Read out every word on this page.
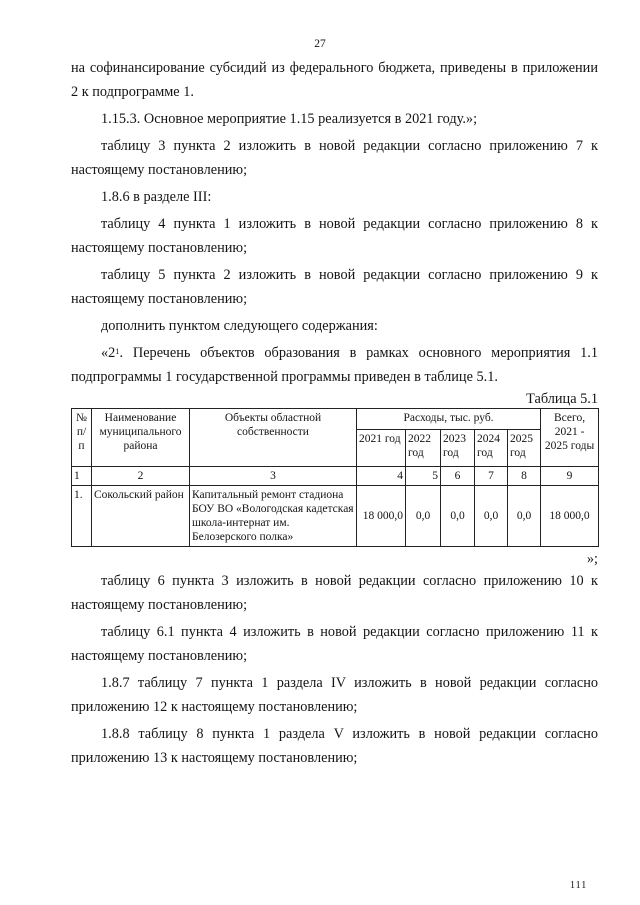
27

на софинансирование субсидий из федерального бюджета, приведены в приложении 2 к подпрограмме 1.

1.15.3. Основное мероприятие 1.15 реализуется в 2021 году.»;

таблицу 3 пункта 2 изложить в новой редакции согласно приложению 7 к настоящему постановлению;

1.8.6 в разделе III:

таблицу 4 пункта 1 изложить в новой редакции согласно приложению 8 к настоящему постановлению;

таблицу 5 пункта 2 изложить в новой редакции согласно приложению 9 к настоящему постановлению;

дополнить пунктом следующего содержания:

«$2^1$. Перечень объектов образования в рамках основного мероприятия 1.1 подпрограммы 1 государственной программы приведен в таблице 5.1.

Таблица 5.1
№ п/п	Наименование муниципального района	Объекты областной собственности	Расходы, тыс. руб.					Всего, 2021 - 2025 годы
			2021 год	2022 год	2023 год	2024 год	2025 год	
1	2	3	4	5	6	7	8	9
1.	Сокольский район	Капитальный ремонт стадиона БОУ ВО «Вологодская кадетская школа-интернат им. Белозерского полка»	18 000,0	0,0	0,0	0,0	0,0	18 000,0

»;

таблицу 6 пункта 3 изложить в новой редакции согласно приложению 10 к настоящему постановлению;

таблицу 6.1 пункта 4 изложить в новой редакции согласно приложению 11 к настоящему постановлению;

1.8.7 таблицу 7 пункта 1 раздела IV изложить в новой редакции согласно приложению 12 к настоящему постановлению;

1.8.8 таблицу 8 пункта 1 раздела V изложить в новой редакции согласно приложению 13 к настоящему постановлению;

111
